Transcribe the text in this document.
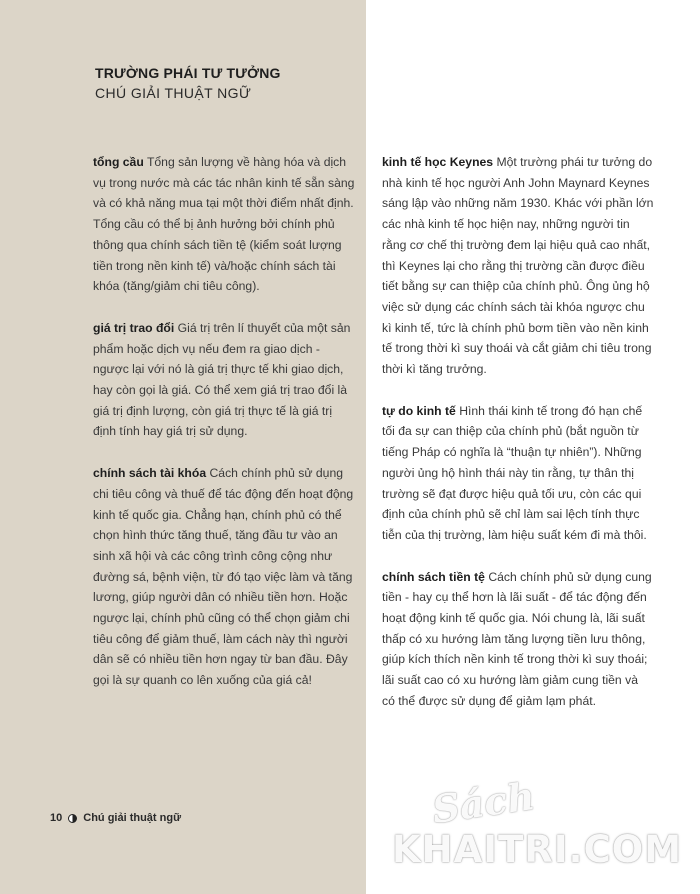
TRƯỜNG PHÁI TƯ TƯỞNG

CHÚ GIẢI THUẬT NGỮ

tổng cầu Tổng sản lượng về hàng hóa và dịch vụ trong nước mà các tác nhân kinh tế sẵn sàng và có khả năng mua tại một thời điểm nhất định. Tổng cầu có thể bị ảnh hưởng bởi chính phủ thông qua chính sách tiền tệ (kiểm soát lượng tiền trong nền kinh tế) và/hoặc chính sách tài khóa (tăng/giảm chi tiêu công).

giá trị trao đổi Giá trị trên lí thuyết của một sản phẩm hoặc dịch vụ nếu đem ra giao dịch - ngược lại với nó là giá trị thực tế khi giao dịch, hay còn gọi là giá. Có thể xem giá trị trao đổi là giá trị định lượng, còn giá trị thực tế là giá trị định tính hay giá trị sử dụng.

chính sách tài khóa Cách chính phủ sử dụng chi tiêu công và thuế để tác động đến hoạt động kinh tế quốc gia. Chẳng hạn, chính phủ có thể chọn hình thức tăng thuế, tăng đầu tư vào an sinh xã hội và các công trình công cộng như đường sá, bệnh viện, từ đó tạo việc làm và tăng lương, giúp người dân có nhiều tiền hơn. Hoặc ngược lại, chính phủ cũng có thể chọn giảm chi tiêu công để giảm thuế, làm cách này thì người dân sẽ có nhiều tiền hơn ngay từ ban đầu. Đây gọi là sự quanh co lên xuống của giá cả!

kinh tế học Keynes Một trường phái tư tưởng do nhà kinh tế học người Anh John Maynard Keynes sáng lập vào những năm 1930. Khác với phần lớn các nhà kinh tế học hiện nay, những người tin rằng cơ chế thị trường đem lại hiệu quả cao nhất, thì Keynes lại cho rằng thị trường cần được điều tiết bằng sự can thiệp của chính phủ. Ông ủng hộ việc sử dụng các chính sách tài khóa ngược chu kì kinh tế, tức là chính phủ bơm tiền vào nền kinh tế trong thời kì suy thoái và cắt giảm chi tiêu trong thời kì tăng trưởng.

tự do kinh tế Hình thái kinh tế trong đó hạn chế tối đa sự can thiệp của chính phủ (bắt nguồn từ tiếng Pháp có nghĩa là “thuận tự nhiên”). Những người ủng hộ hình thái này tin rằng, tự thân thị trường sẽ đạt được hiệu quả tối ưu, còn các qui định của chính phủ sẽ chỉ làm sai lệch tính thực tiễn của thị trường, làm hiệu suất kém đi mà thôi.

chính sách tiền tệ Cách chính phủ sử dụng cung tiền - hay cụ thể hơn là lãi suất - để tác động đến hoạt động kinh tế quốc gia. Nói chung là, lãi suất thấp có xu hướng làm tăng lượng tiền lưu thông, giúp kích thích nền kinh tế trong thời kì suy thoái; lãi suất cao có xu hướng làm giảm cung tiền và có thể được sử dụng để giảm lạm phát.

10 Chú giải thuật ngữ	Sách
KHAITRI.COM
